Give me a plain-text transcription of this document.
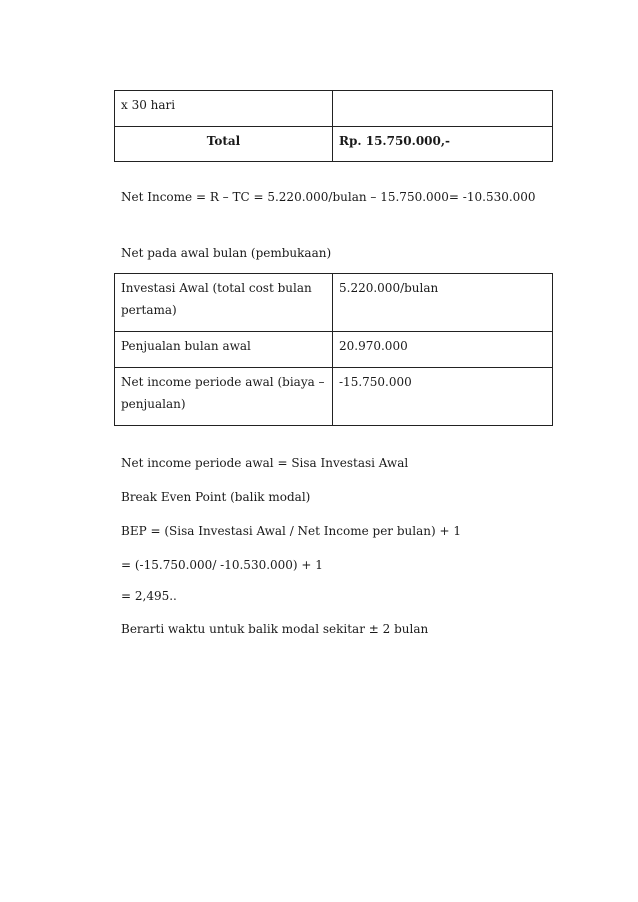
x 30 hari	
Total	Rp. 15.750.000,-
Net Income = R – TC = 5.220.000/bulan – 15.750.000= -10.530.000
Net pada awal bulan (pembukaan)
Investasi Awal (total cost bulan pertama)	5.220.000/bulan
Penjualan bulan awal	20.970.000
Net income periode awal (biaya – penjualan)	-15.750.000
Net income periode awal = Sisa Investasi Awal
Break Even Point (balik modal)
BEP = (Sisa Investasi Awal / Net Income per bulan) + 1
= (-15.750.000/ -10.530.000) + 1
= 2,495..
Berarti waktu untuk balik modal sekitar ± 2 bulan
